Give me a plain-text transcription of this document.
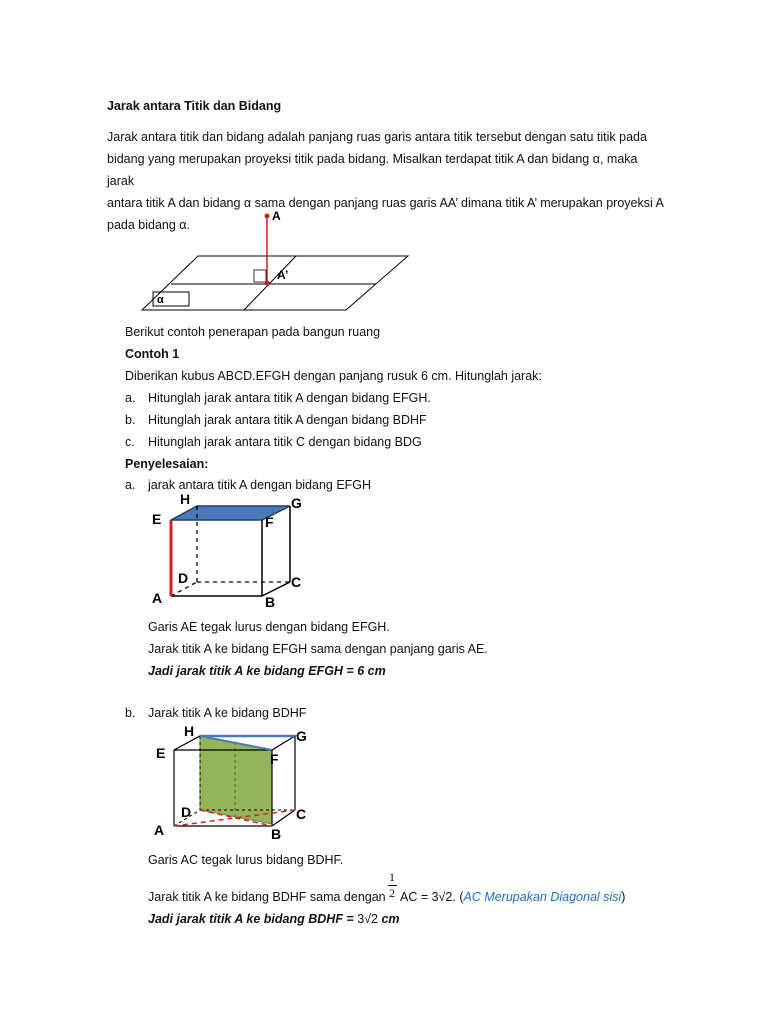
Jarak antara Titik dan Bidang
Jarak antara titik dan bidang adalah panjang ruas garis antara titik tersebut dengan satu titik pada
bidang yang merupakan proyeksi titik pada bidang. Misalkan terdapat titik A dan bidang α, maka jarak
antara titik A dan bidang α sama dengan panjang ruas garis AA’ dimana titik A’ merupakan proyeksi A
pada bidang α.
α
A
A’
Berikut contoh penerapan pada bangun ruang
Contoh 1
Diberikan kubus ABCD.EFGH dengan panjang rusuk 6 cm. Hitunglah jarak:
a. Hitunglah jarak antara titik A dengan bidang EFGH.
b. Hitunglah jarak antara titik A dengan bidang BDHF
c. Hitunglah jarak antara titik C dengan bidang BDG
Penyelesaian:
a. jarak antara titik A dengan bidang EFGH
A	B
C
D
E	F
G
H
Garis AE tegak lurus dengan bidang EFGH.
Jarak titik A ke bidang EFGH sama dengan panjang garis AE.
Jadi jarak titik A ke bidang EFGH = 6 cm
b. Jarak titik A ke bidang BDHF
A	B
C
D
E	F
G
H
Garis AC tegak lurus bidang BDHF.
Jarak titik A ke bidang BDHF sama dengan
1
2 AC = 3√2. (AC Merupakan Diagonal sisi)
Jadi jarak titik A ke bidang BDHF = 3√2 cm
